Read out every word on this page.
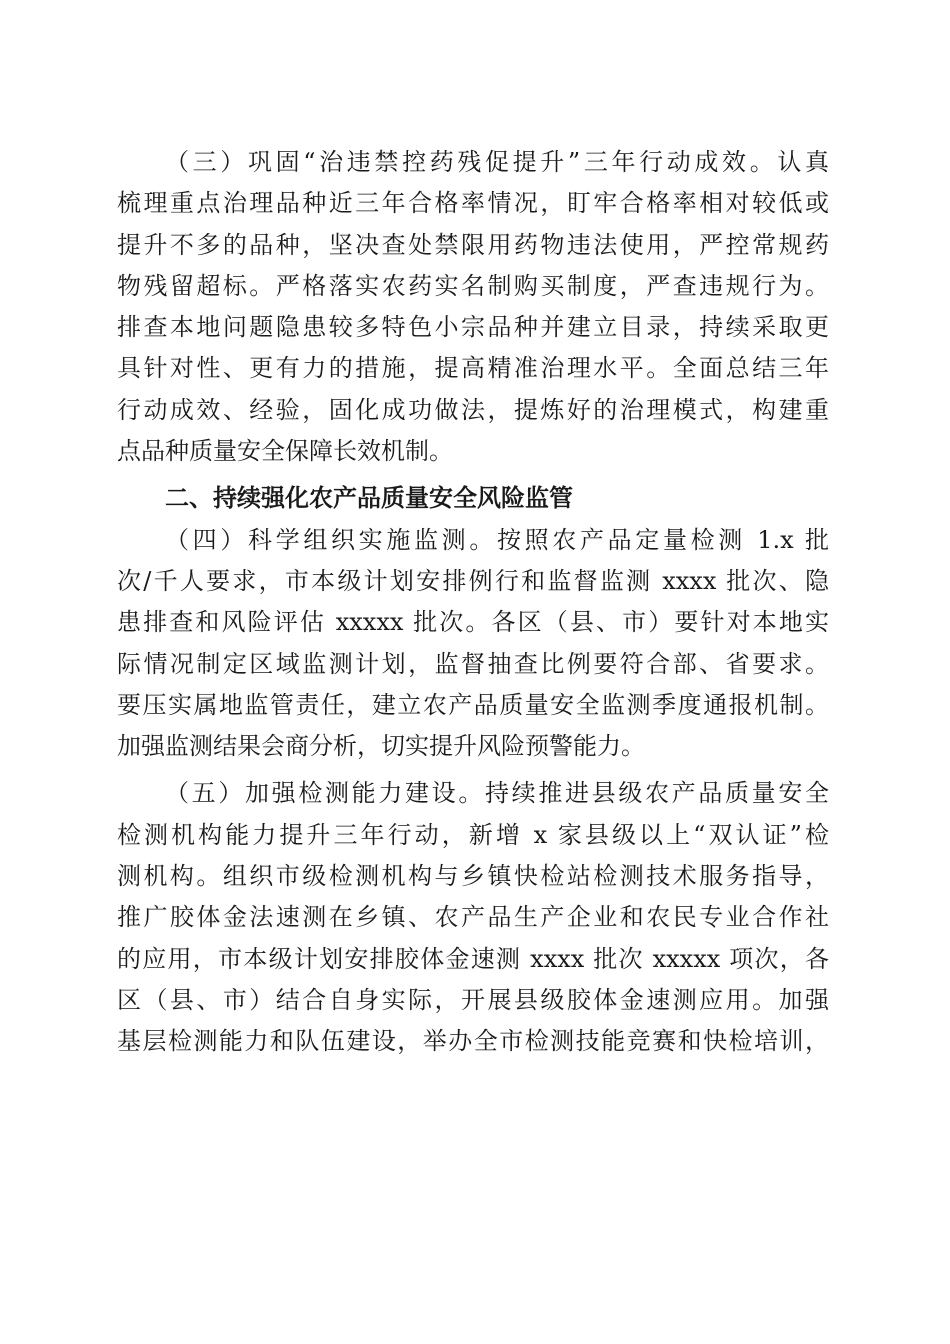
（三）巩固“治违禁控药残促提升”三年行动成效。认真
梳理重点治理品种近三年合格率情况，盯牢合格率相对较低或
提升不多的品种，坚决查处禁限用药物违法使用，严控常规药
物残留超标。严格落实农药实名制购买制度，严查违规行为。
排查本地问题隐患较多特色小宗品种并建立目录，持续采取更
具针对性、更有力的措施，提高精准治理水平。全面总结三年
行动成效、经验，固化成功做法，提炼好的治理模式，构建重
点品种质量安全保障长效机制。
二、持续强化农产品质量安全风险监管
（四）科学组织实施监测。按照农产品定量检测 1.x 批
次/千人要求，市本级计划安排例行和监督监测 xxxx 批次、隐
患排查和风险评估 xxxxx 批次。各区（县、市）要针对本地实
际情况制定区域监测计划，监督抽查比例要符合部、省要求。
要压实属地监管责任，建立农产品质量安全监测季度通报机制。
加强监测结果会商分析，切实提升风险预警能力。
（五）加强检测能力建设。持续推进县级农产品质量安全
检测机构能力提升三年行动，新增 x 家县级以上“双认证”检
测机构。组织市级检测机构与乡镇快检站检测技术服务指导，
推广胶体金法速测在乡镇、农产品生产企业和农民专业合作社
的应用，市本级计划安排胶体金速测 xxxx 批次 xxxxx 项次，各
区（县、市）结合自身实际，开展县级胶体金速测应用。加强
基层检测能力和队伍建设，举办全市检测技能竞赛和快检培训，
